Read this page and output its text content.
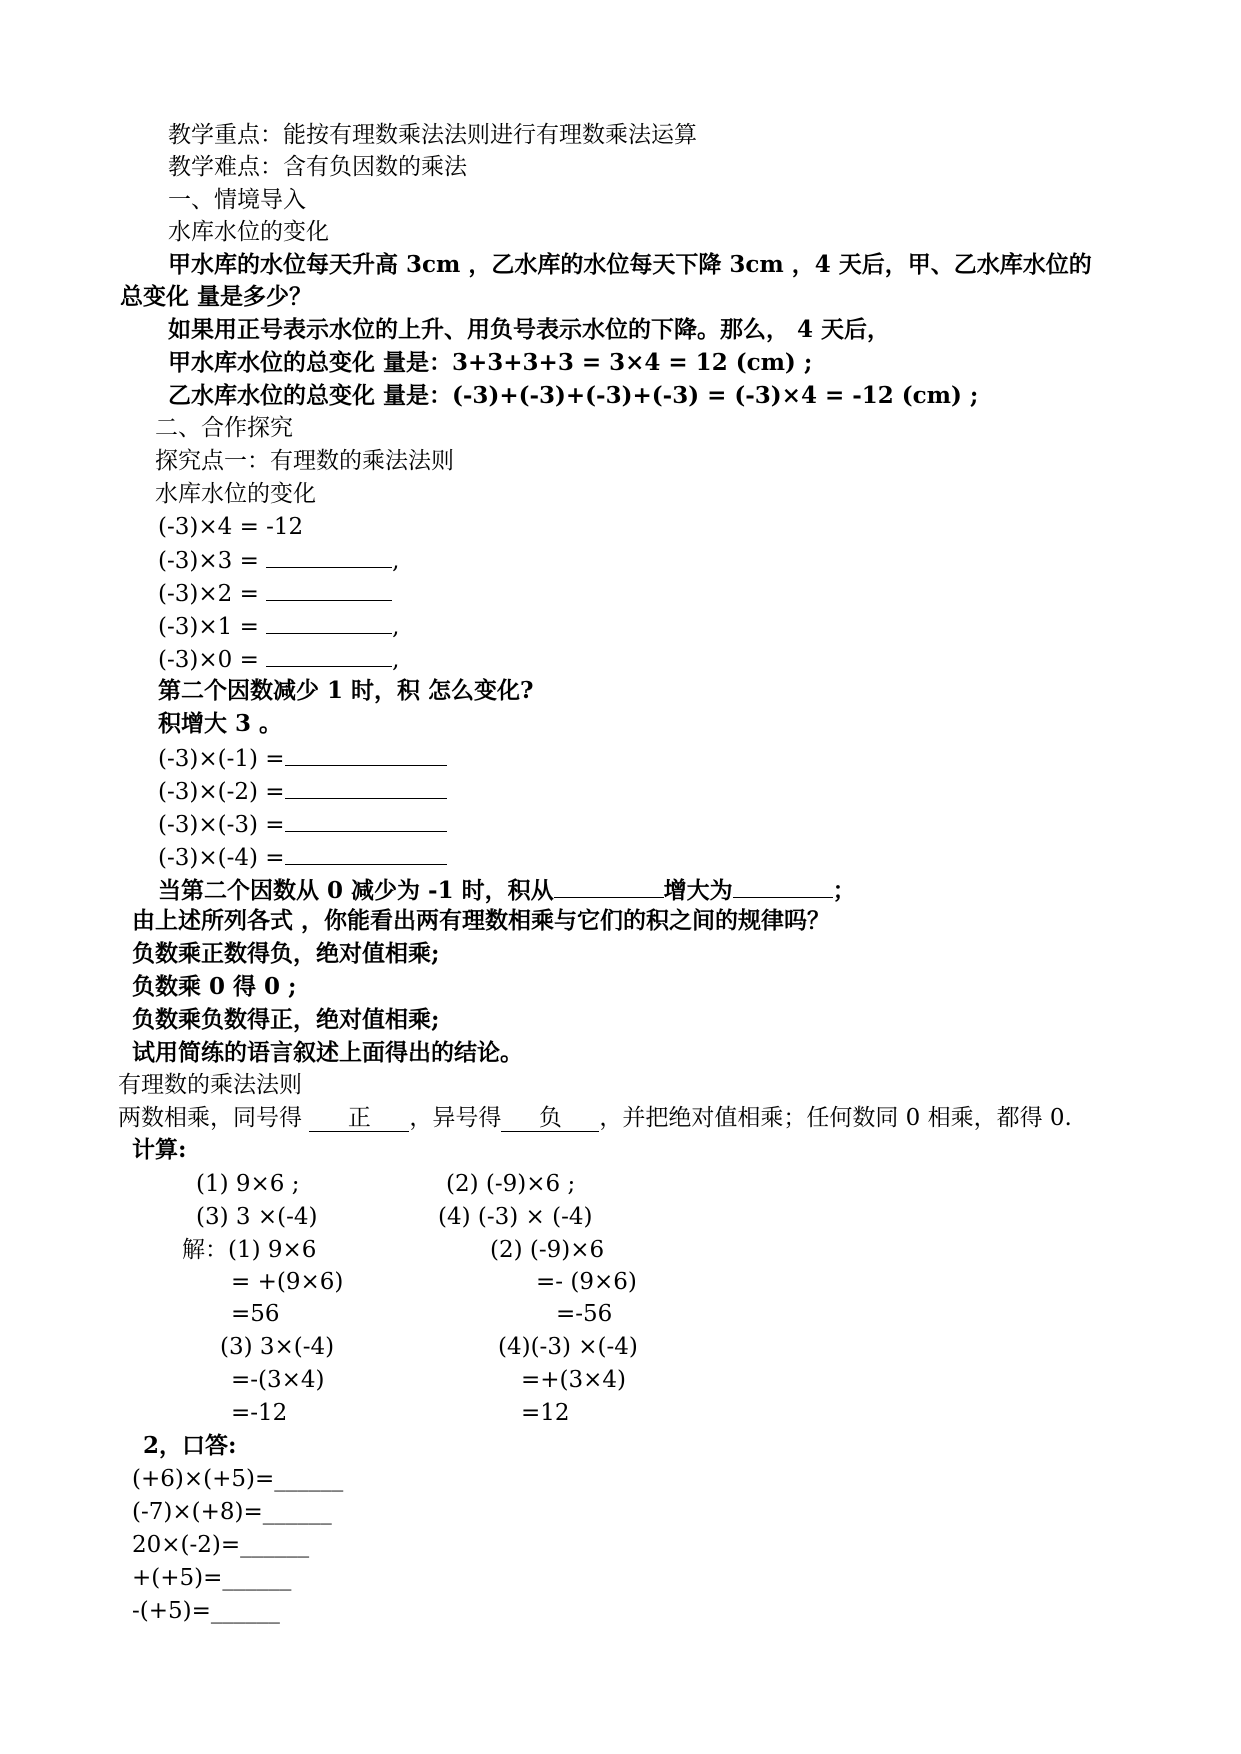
教学重点：能按有理数乘法法则进行有理数乘法运算
教学难点：含有负因数的乘法
一、情境导入
水库水位的变化
甲水库的水位每天升高 3cm ，乙水库的水位每天下降 3cm ，4 天后，甲、乙水库水位的
总变化 量是多少？
如果用正号表示水位的上升、用负号表示水位的下降。那么， 4 天后，
甲水库水位的总变化 量是：3+3+3+3 = 3×4 = 12 (cm) ;
乙水库水位的总变化 量是：(-3)+(-3)+(-3)+(-3) = (-3)×4 = -12 (cm) ;
二、合作探究
探究点一：有理数的乘法法则
水库水位的变化
(-3)×4 = -12
(-3)×3 =	,
(-3)×2 =
(-3)×1 =	,
(-3)×0 =	,
第二个因数减少 1 时，积 怎么变化?
积增大 3 。
(-3)×(-1) =
(-3)×(-2) =
(-3)×(-3) =
(-3)×(-4) =
当第二个因数从 0 减少为 -1 时，积从	增大为	；
由上述所列各式 ，你能看出两有理数相乘与它们的积之间的规律吗？
负数乘正数得负，绝对值相乘;
负数乘 0 得 0 ;
负数乘负数得正，绝对值相乘;
试用简练的语言叙述上面得出的结论。
有理数的乘法法则
两数相乘，同号得 正 ，异号得 负 ，并把绝对值相乘；任何数同 0 相乘，都得 0.
计算:
(1) 9×6 ;	(2) (-9)×6 ;
(3) 3 ×(-4)	(4) (-3) × (-4)
解：(1) 9×6
= +(9×6)
=56
(2) (-9)×6
=- (9×6)
=-56
(3) 3×(-4)
=-(3×4)
=-12
(4)(-3) ×(-4)
=+(3×4)
=12
2，口答:
(+6)×(+5)=______
(-7)×(+8)=______
20×(-2)=______
+(+5)=______
-(+5)=______
